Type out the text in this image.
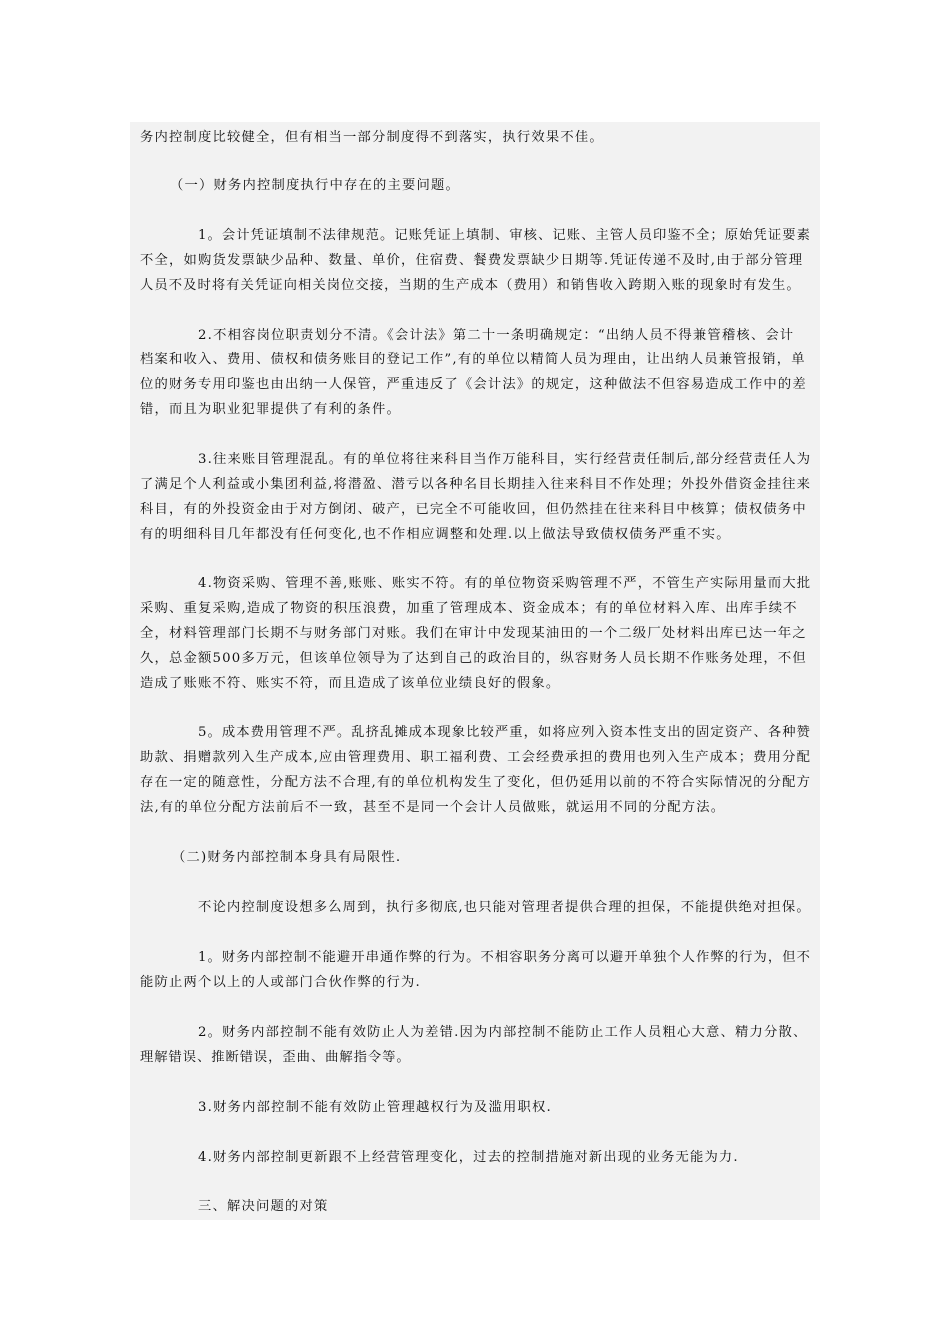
务内控制度比较健全，但有相当一部分制度得不到落实，执行效果不佳。
（一）财务内控制度执行中存在的主要问题。
1。会计凭证填制不法律规范。记账凭证上填制、审核、记账、主管人员印鉴不全；原始凭证要素
不全，如购货发票缺少品种、数量、单价，住宿费、餐费发票缺少日期等.凭证传递不及时,由于部分管理
人员不及时将有关凭证向相关岗位交接，当期的生产成本（费用）和销售收入跨期入账的现象时有发生。
2.不相容岗位职责划分不清。《会计法》第二十一条明确规定：“出纳人员不得兼管稽核、会计
档案和收入、费用、债权和债务账目的登记工作”,有的单位以精简人员为理由，让出纳人员兼管报销，单
位的财务专用印鉴也由出纳一人保管，严重违反了《会计法》的规定，这种做法不但容易造成工作中的差
错，而且为职业犯罪提供了有利的条件。
3.往来账目管理混乱。有的单位将往来科目当作万能科目，实行经营责任制后,部分经营责任人为
了满足个人利益或小集团利益,将潜盈、潜亏以各种名目长期挂入往来科目不作处理；外投外借资金挂往来
科目，有的外投资金由于对方倒闭、破产，已完全不可能收回，但仍然挂在往来科目中核算；债权债务中
有的明细科目几年都没有任何变化,也不作相应调整和处理.以上做法导致债权债务严重不实。
4.物资采购、管理不善,账账、账实不符。有的单位物资采购管理不严，不管生产实际用量而大批
采购、重复采购,造成了物资的积压浪费，加重了管理成本、资金成本；有的单位材料入库、出库手续不
全，材料管理部门长期不与财务部门对账。我们在审计中发现某油田的一个二级厂处材料出库已达一年之
久，总金额500多万元，但该单位领导为了达到自己的政治目的，纵容财务人员长期不作账务处理，不但
造成了账账不符、账实不符，而且造成了该单位业绩良好的假象。
5。成本费用管理不严。乱挤乱摊成本现象比较严重，如将应列入资本性支出的固定资产、各种赞
助款、捐赠款列入生产成本,应由管理费用、职工福利费、工会经费承担的费用也列入生产成本；费用分配
存在一定的随意性，分配方法不合理,有的单位机构发生了变化，但仍延用以前的不符合实际情况的分配方
法,有的单位分配方法前后不一致，甚至不是同一个会计人员做账，就运用不同的分配方法。
（二)财务内部控制本身具有局限性.
不论内控制度设想多么周到，执行多彻底,也只能对管理者提供合理的担保，不能提供绝对担保。
1。财务内部控制不能避开串通作弊的行为。不相容职务分离可以避开单独个人作弊的行为，但不
能防止两个以上的人或部门合伙作弊的行为.
2。财务内部控制不能有效防止人为差错.因为内部控制不能防止工作人员粗心大意、精力分散、
理解错误、推断错误，歪曲、曲解指令等。
3.财务内部控制不能有效防止管理越权行为及滥用职权.
4.财务内部控制更新跟不上经营管理变化，过去的控制措施对新出现的业务无能为力.
三、解决问题的对策
